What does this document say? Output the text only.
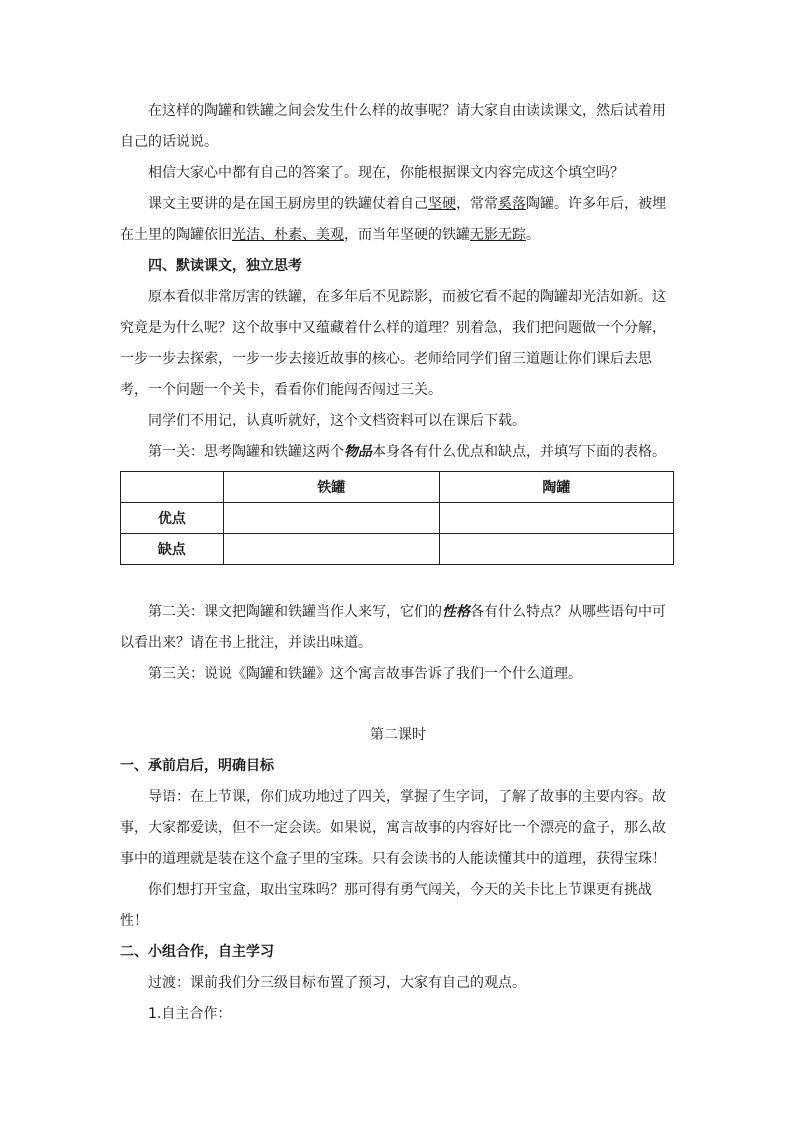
在这样的陶罐和铁罐之间会发生什么样的故事呢？请大家自由读读课文，然后试着用自己的话说说。

相信大家心中都有自己的答案了。现在，你能根据课文内容完成这个填空吗？

课文主要讲的是在国王厨房里的铁罐仗着自己坚硬，常常奚落陶罐。许多年后，被埋在土里的陶罐依旧光洁、朴素、美观，而当年坚硬的铁罐无影无踪。

四、默读课文，独立思考

原本看似非常厉害的铁罐，在多年后不见踪影，而被它看不起的陶罐却光洁如新。这究竟是为什么呢？这个故事中又蕴藏着什么样的道理？别着急，我们把问题做一个分解，一步一步去探索，一步一步去接近故事的核心。老师给同学们留三道题让你们课后去思考，一个问题一个关卡，看看你们能闯否闯过三关。

同学们不用记，认真听就好，这个文档资料可以在课后下载。

第一关：思考陶罐和铁罐这两个物品本身各有什么优点和缺点，并填写下面的表格。

	铁罐	陶罐
优点		
缺点		

第二关：课文把陶罐和铁罐当作人来写，它们的性格各有什么特点？从哪些语句中可以看出来？请在书上批注，并读出味道。

第三关：说说《陶罐和铁罐》这个寓言故事告诉了我们一个什么道理。

第二课时

一、承前启后，明确目标

导语：在上节课，你们成功地过了四关，掌握了生字词，了解了故事的主要内容。故事，大家都爱读，但不一定会读。如果说，寓言故事的内容好比一个漂亮的盒子，那么故事中的道理就是装在这个盒子里的宝珠。只有会读书的人能读懂其中的道理，获得宝珠！

你们想打开宝盒，取出宝珠吗？那可得有勇气闯关，今天的关卡比上节课更有挑战性！

二、小组合作，自主学习

过渡：课前我们分三级目标布置了预习，大家有自己的观点。

1.自主合作：
